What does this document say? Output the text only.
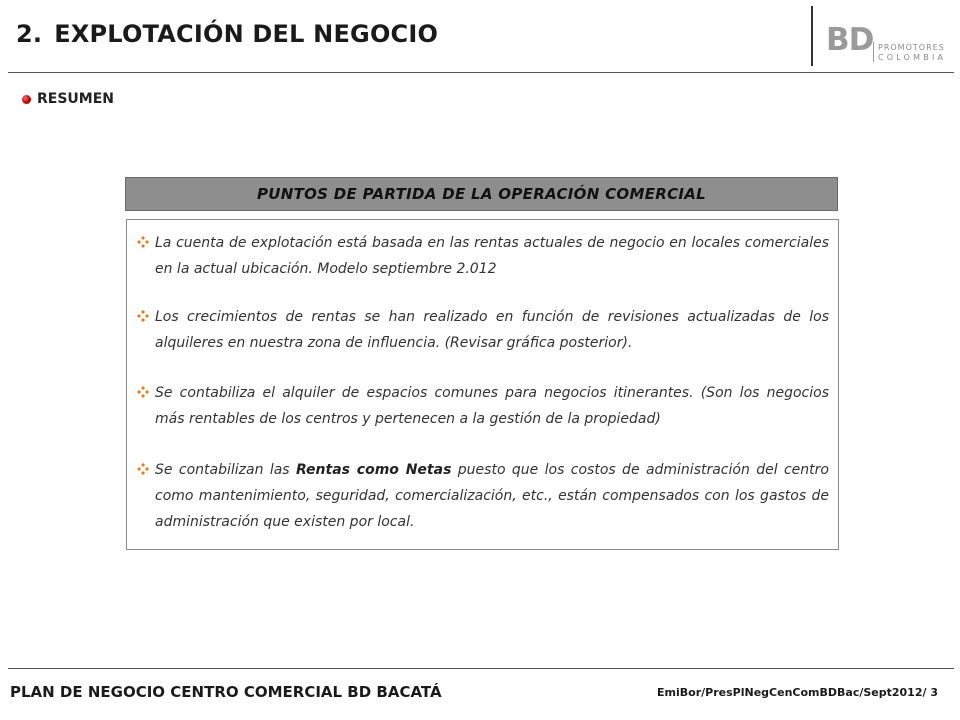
2. EXPLOTACIÓN DEL NEGOCIO	BD PROMOTORES
COLOMBIA
RESUMEN
PUNTOS DE PARTIDA DE LA OPERACIÓN COMERCIAL
La cuenta de explotación está basada en las rentas actuales de negocio en locales comerciales en la actual ubicación. Modelo septiembre 2.012
Los crecimientos de rentas se han realizado en función de revisiones actualizadas de los alquileres en nuestra zona de influencia. (Revisar gráfica posterior).
Se contabiliza el alquiler de espacios comunes para negocios itinerantes. (Son los negocios más rentables de los centros y pertenecen a la gestión de la propiedad)
Se contabilizan las Rentas como Netas puesto que los costos de administración del centro como mantenimiento, seguridad, comercialización, etc., están compensados con los gastos de administración que existen por local.
PLAN DE NEGOCIO CENTRO COMERCIAL BD BACATÁ	EmiBor/PresPlNegCenComBDBac/Sept2012/ 3
